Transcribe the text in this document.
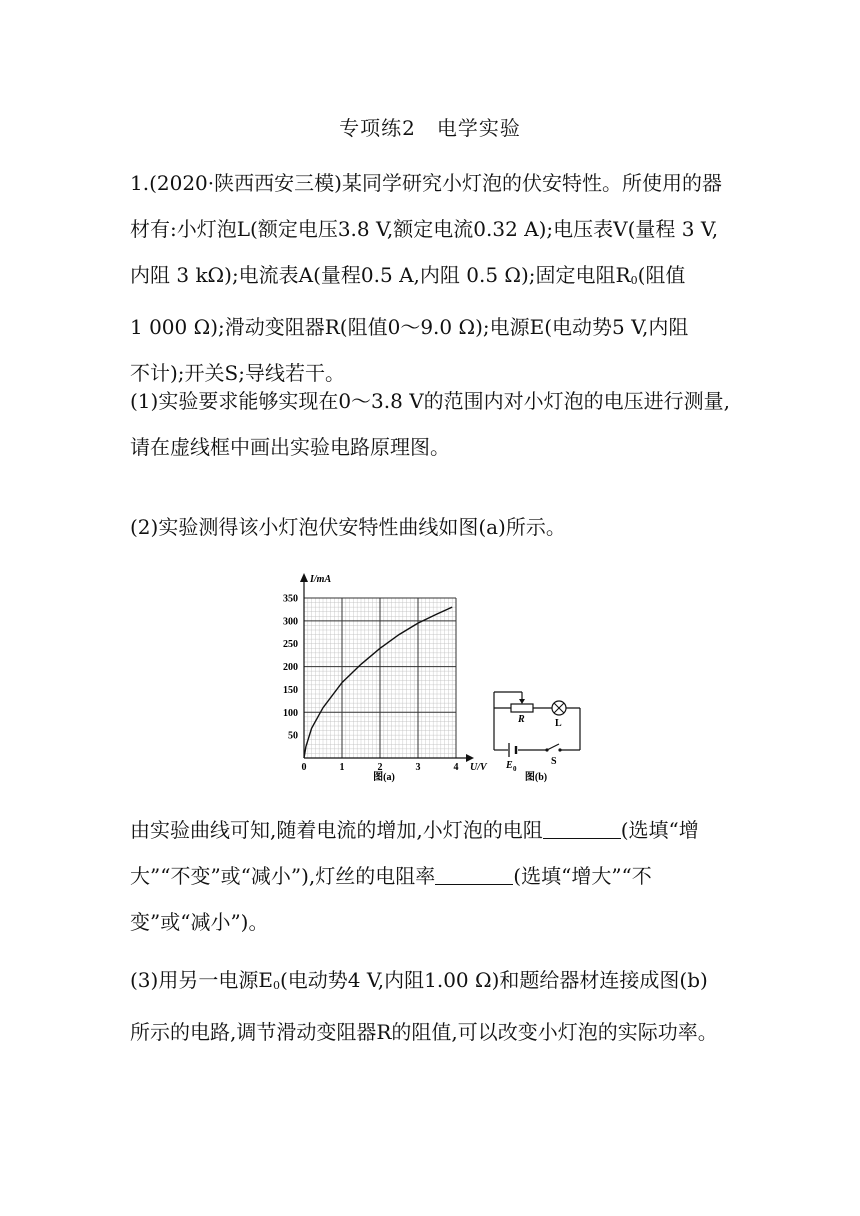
专项练2　电学实验
1.(2020·陕西西安三模)某同学研究小灯泡的伏安特性。所使用的器
材有:小灯泡L(额定电压3.8 V,额定电流0.32 A);电压表V(量程 3 V,
内阻 3 kΩ);电流表A(量程0.5 A,内阻 0.5 Ω);固定电阻$R_0$(阻值
1 000 Ω);滑动变阻器R(阻值0～9.0 Ω);电源E(电动势5 V,内阻
不计);开关S;导线若干。
(1)实验要求能够实现在0～3.8 V的范围内对小灯泡的电压进行测量,
请在虚线框中画出实验电路原理图。
(2)实验测得该小灯泡伏安特性曲线如图(a)所示。
I/mA
U/V
0	1	2	3	4
50
100
150
200
250
300
350
图(a)
R	L
E 0
S
图(b)
由实验曲线可知,随着电流的增加,小灯泡的电阻	(选填“增
大”“不变”或“减小”),灯丝的电阻率	(选填“增大”“不
变”或“减小”)。
(3)用另一电源$E_0$(电动势4 V,内阻1.00 Ω)和题给器材连接成图(b)
所示的电路,调节滑动变阻器R的阻值,可以改变小灯泡的实际功率。
